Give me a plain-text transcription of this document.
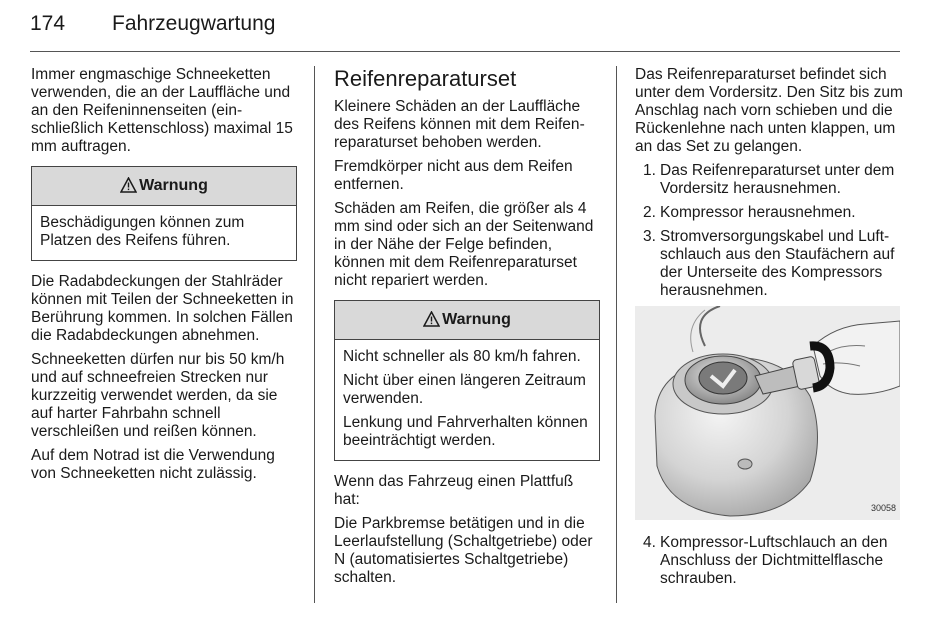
174 Fahrzeugwartung

Immer engmaschige Schneeketten verwenden, die an der Lauffläche und an den Reifeninnenseiten (einschließlich Kettenschloss) maximal 15 mm auftragen.

Warnung

Beschädigungen können zum Platzen des Reifens führen.

Die Radabdeckungen der Stahlräder können mit Teilen der Schneeketten in Berührung kommen. In solchen Fällen die Radabdeckungen abnehmen.

Schneeketten dürfen nur bis 50 km/h und auf schneefreien Strecken nur kurzzeitig verwendet werden, da sie auf harter Fahrbahn schnell verschleißen und reißen können.

Auf dem Notrad ist die Verwendung von Schneeketten nicht zulässig.

Reifenreparaturset

Kleinere Schäden an der Lauffläche des Reifens können mit dem Reifenreparaturset behoben werden.

Fremdkörper nicht aus dem Reifen entfernen.

Schäden am Reifen, die größer als 4 mm sind oder sich an der Seitenwand in der Nähe der Felge befinden, können mit dem Reifenreparaturset nicht repariert werden.

Warnung

Nicht schneller als 80 km/h fahren.

Nicht über einen längeren Zeitraum verwenden.

Lenkung und Fahrverhalten können beeinträchtigt werden.

Wenn das Fahrzeug einen Plattfuß hat:

Die Parkbremse betätigen und in die Leerlaufstellung (Schaltgetriebe) oder N (automatisiertes Schaltgetriebe) schalten.

Das Reifenreparaturset befindet sich unter dem Vordersitz. Den Sitz bis zum Anschlag nach vorn schieben und die Rückenlehne nach unten klappen, um an das Set zu gelangen.

1. Das Reifenreparaturset unter dem Vordersitz herausnehmen.
2. Kompressor herausnehmen.
3. Stromversorgungskabel und Luftschlauch aus den Staufächern auf der Unterseite des Kompressors herausnehmen.
30058
4. Kompressor-Luftschlauch an den Anschluss der Dichtmittelflasche schrauben.
